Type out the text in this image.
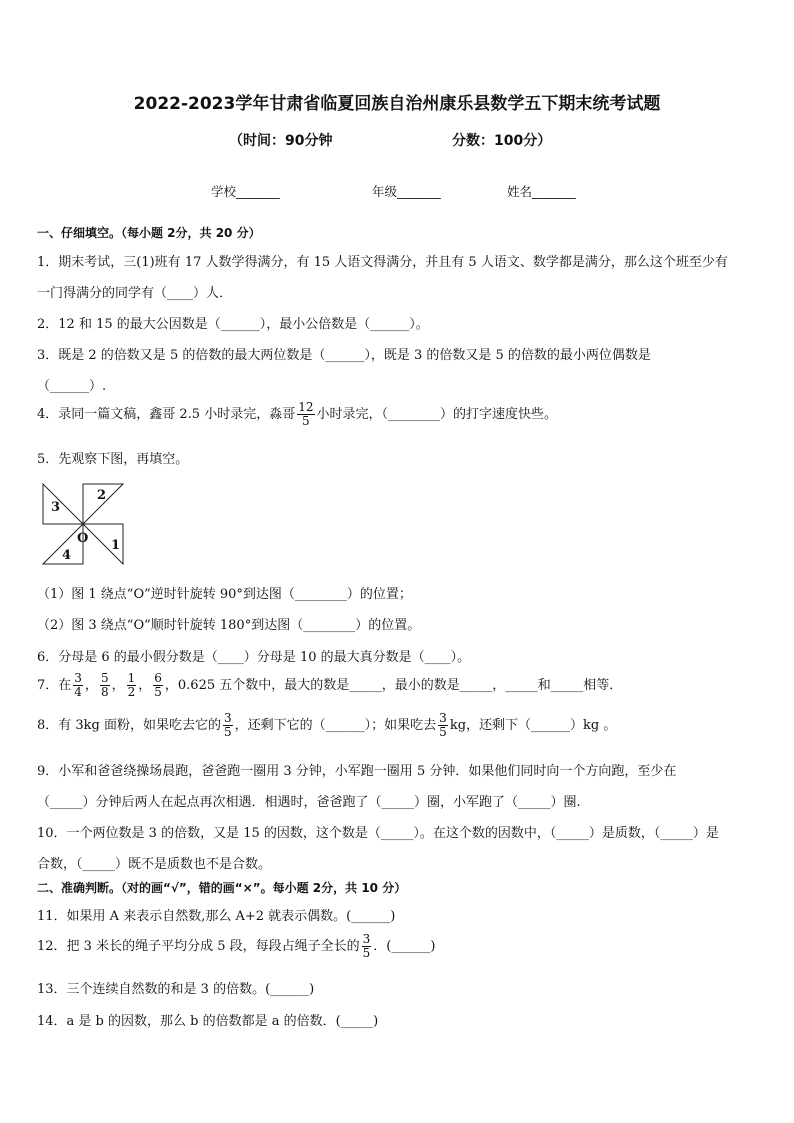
2022-2023学年甘肃省临夏回族自治州康乐县数学五下期末统考试题
（时间：90分钟	分数：100分）
学校_______	年级_______	姓名_______
一、仔细填空。（每小题 2分，共 20 分）
1．期末考试，三(1)班有 17 人数学得满分，有 15 人语文得满分，并且有 5 人语文、数学都是满分，那么这个班至少有
一门得满分的同学有（____）人．
2．12 和 15 的最大公因数是（______），最小公倍数是（______）。
3．既是 2 的倍数又是 5 的倍数的最大两位数是（______），既是 3 的倍数又是 5 的倍数的最小两位偶数是
（______）.
4．录同一篇文稿，鑫哥 2.5 小时录完，淼哥 $\frac{12}{5}$ 小时录完，（________）的打字速度快些。
5．先观察下图，再填空。
2
3
4
1
O
（1）图 1 绕点“O”逆时针旋转 90°到达图（________）的位置；
（2）图 3 绕点“O”顺时针旋转 180°到达图（________）的位置。
6．分母是 6 的最小假分数是（____）分母是 10 的最大真分数是（____）。
7．在 $\frac{3}{4}$ ， $\frac{5}{8}$ ， $\frac{1}{2}$ ， $\frac{6}{5}$ ，0.625 五个数中，最大的数是_____，最小的数是_____，_____和_____相等．
8．有 3kg 面粉，如果吃去它的 $\frac{3}{5}$ ，还剩下它的（______）；如果吃去 $\frac{3}{5}$ kg，还剩下（______）kg 。
9．小军和爸爸绕操场晨跑，爸爸跑一圈用 3 分钟，小军跑一圈用 5 分钟．如果他们同时向一个方向跑，至少在
（_____）分钟后两人在起点再次相遇．相遇时，爸爸跑了（_____）圈，小军跑了（_____）圈.
10．一个两位数是 3 的倍数，又是 15 的因数，这个数是（_____）。在这个数的因数中，（_____）是质数，（_____）是
合数，（_____）既不是质数也不是合数。
二、准确判断。（对的画“√”，错的画“×”。每小题 2分，共 10 分）
11．如果用 A 来表示自然数,那么 A+2 就表示偶数。(______)
12．把 3 米长的绳子平均分成 5 段，每段占绳子全长的 $\frac{3}{5}$ ．(______)
13．三个连续自然数的和是 3 的倍数。(______)
14．a 是 b 的因数，那么 b 的倍数都是 a 的倍数．(_____)
